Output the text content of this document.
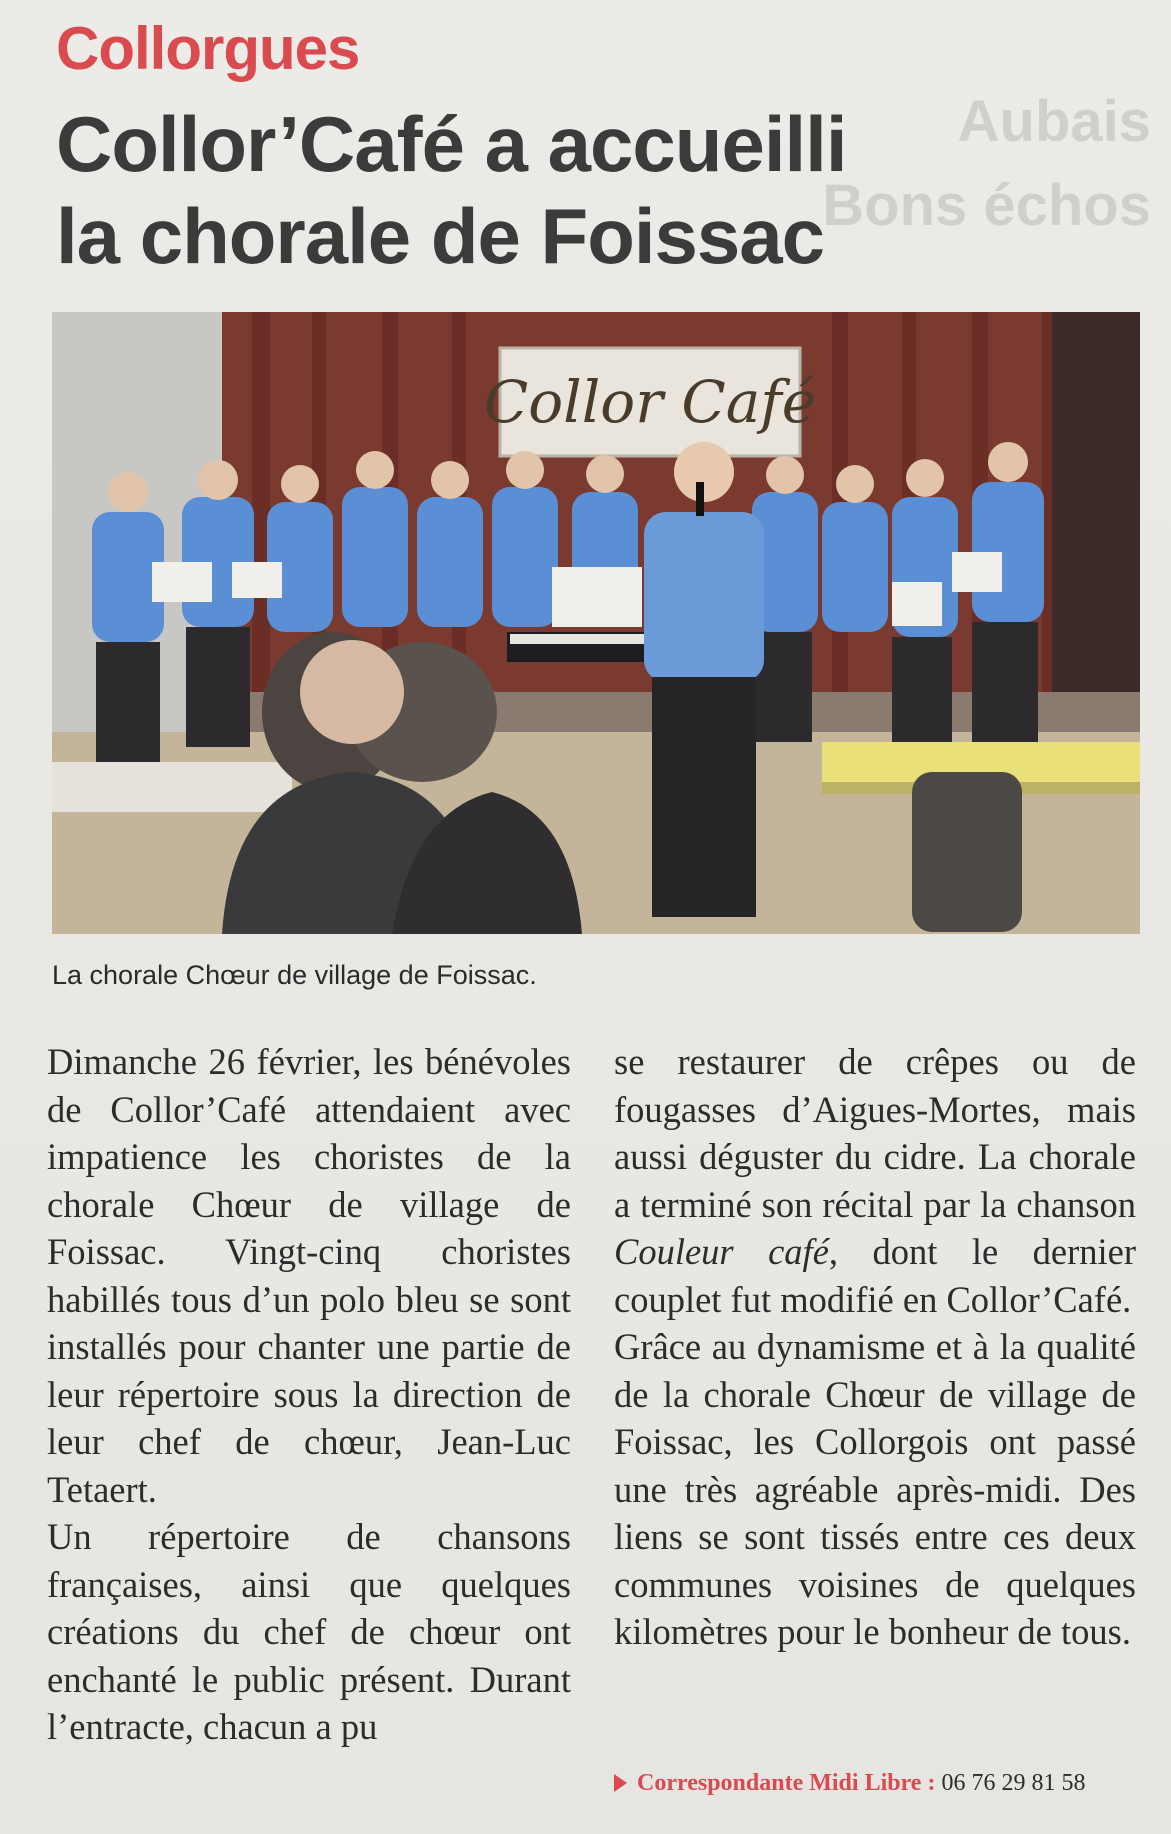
Aubais
Bons échos
Collorgues
Collor’Café a accueilli
la chorale de Foissac
Collor Café
La chorale Chœur de village de Foissac.

Dimanche 26 février, les bénévoles de Collor’Café attendaient avec impatience les choristes de la chorale Chœur de village de Foissac. Vingt-cinq choristes habillés tous d’un polo bleu se sont installés pour chanter une partie de leur répertoire sous la direction de leur chef de chœur, Jean-Luc Tetaert.

Un répertoire de chansons françaises, ainsi que quelques créations du chef de chœur ont enchanté le public présent. Durant l’entracte, chacun a pu

se restaurer de crêpes ou de fougasses d’Aigues-Mortes, mais aussi déguster du cidre. La chorale a terminé son récital par la chanson Couleur café, dont le dernier couplet fut modifié en Collor’Café.

Grâce au dynamisme et à la qualité de la chorale Chœur de village de Foissac, les Collorgois ont passé une très agréable après-midi. Des liens se sont tissés entre ces deux communes voisines de quelques kilomètres pour le bonheur de tous.

Correspondante Midi Libre : 06 76 29 81 58
